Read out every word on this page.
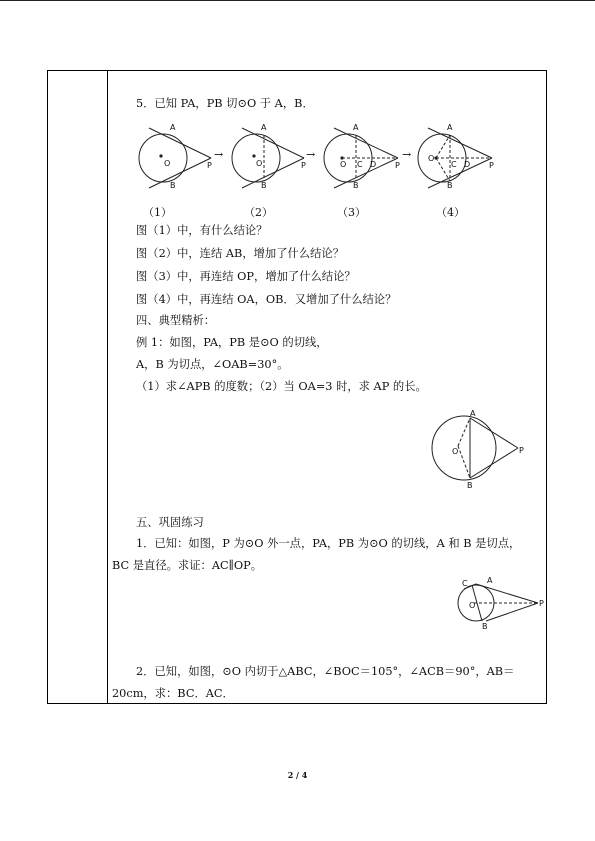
5．已知 PA，PB 切⊙O 于 A，B．
A
B
O	P
→
A
B
O	P
→
A
B
O C D P
→
A
B
O
C D P
（1）	（2）	（3）	（4）
图（1）中，有什么结论？
图（2）中，连结 AB，增加了什么结论？
图（3）中，再连结 OP，增加了什么结论？
图（4）中，再连结 OA，OB．又增加了什么结论？
四、典型精析：
例 1：如图，PA，PB 是⊙O 的切线，
A，B 为切点，∠OAB=30°。
（1）求∠APB 的度数；（2）当 OA=3 时，求 AP 的长。
A
B
O	P
五、巩固练习
1．已知：如图，P 为⊙O 外一点，PA，PB 为⊙O 的切线，A 和 B 是切点，
BC 是直径。求证：AC∥OP。
C A
O
B
P
2．已知，如图，⊙O 内切于△ABC，∠BOC＝105°，∠ACB＝90°，AB＝
20cm，求：BC．AC．
2 / 4
